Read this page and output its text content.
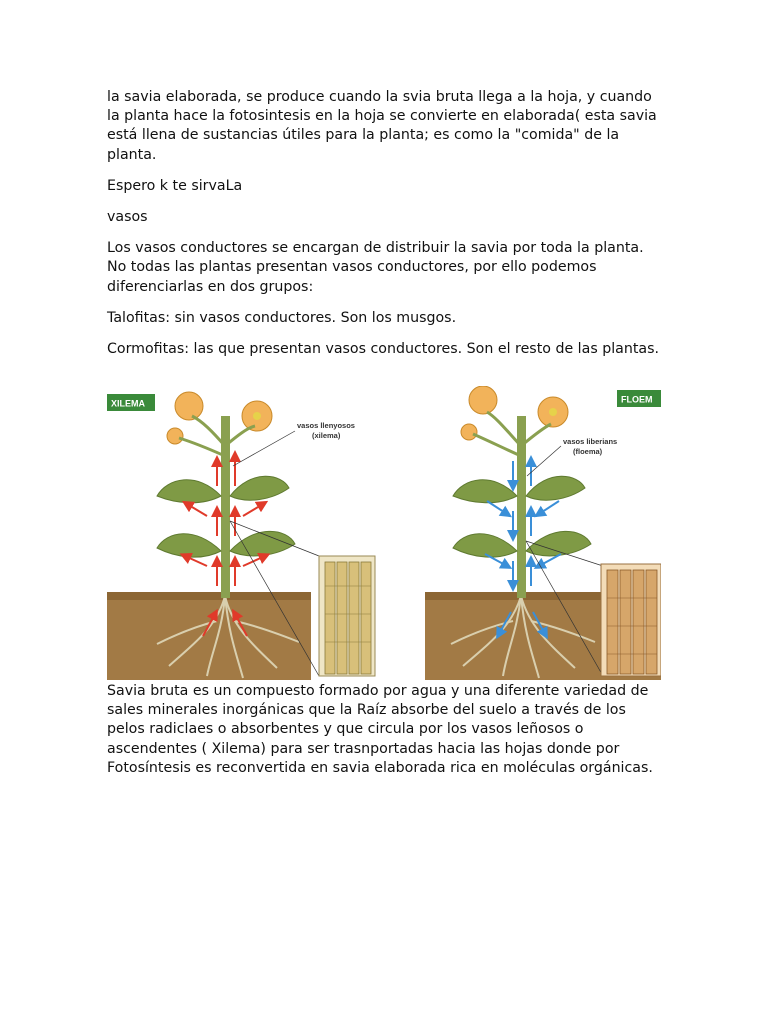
la savia elaborada, se produce cuando la svia bruta llega a la hoja, y cuando la planta hace la fotosintesis en la hoja se convierte en elaborada( esta savia está llena de sustancias útiles para la planta; es como la "comida" de la planta.

Espero k te sirvaLa

vasos

Los vasos conductores se encargan de distribuir la savia por toda la planta. No todas las plantas presentan vasos conductores, por ello podemos diferenciarlas en dos grupos:

Talofitas: sin vasos conductores. Son los musgos.

Cormofitas: las que presentan vasos conductores. Son el resto de las plantas.

vasos llenyosos
(xilema)
XILEMA
vasos liberians
(floema)
FLOEM

Savia bruta es un compuesto formado por agua y una diferente variedad de sales minerales inorgánicas que la Raíz absorbe del suelo a través de los pelos radiclaes o absorbentes y que circula por los vasos leñosos o ascendentes ( Xilema) para ser trasnportadas hacia las hojas donde por Fotosíntesis es reconvertida en savia elaborada rica en moléculas orgánicas.
